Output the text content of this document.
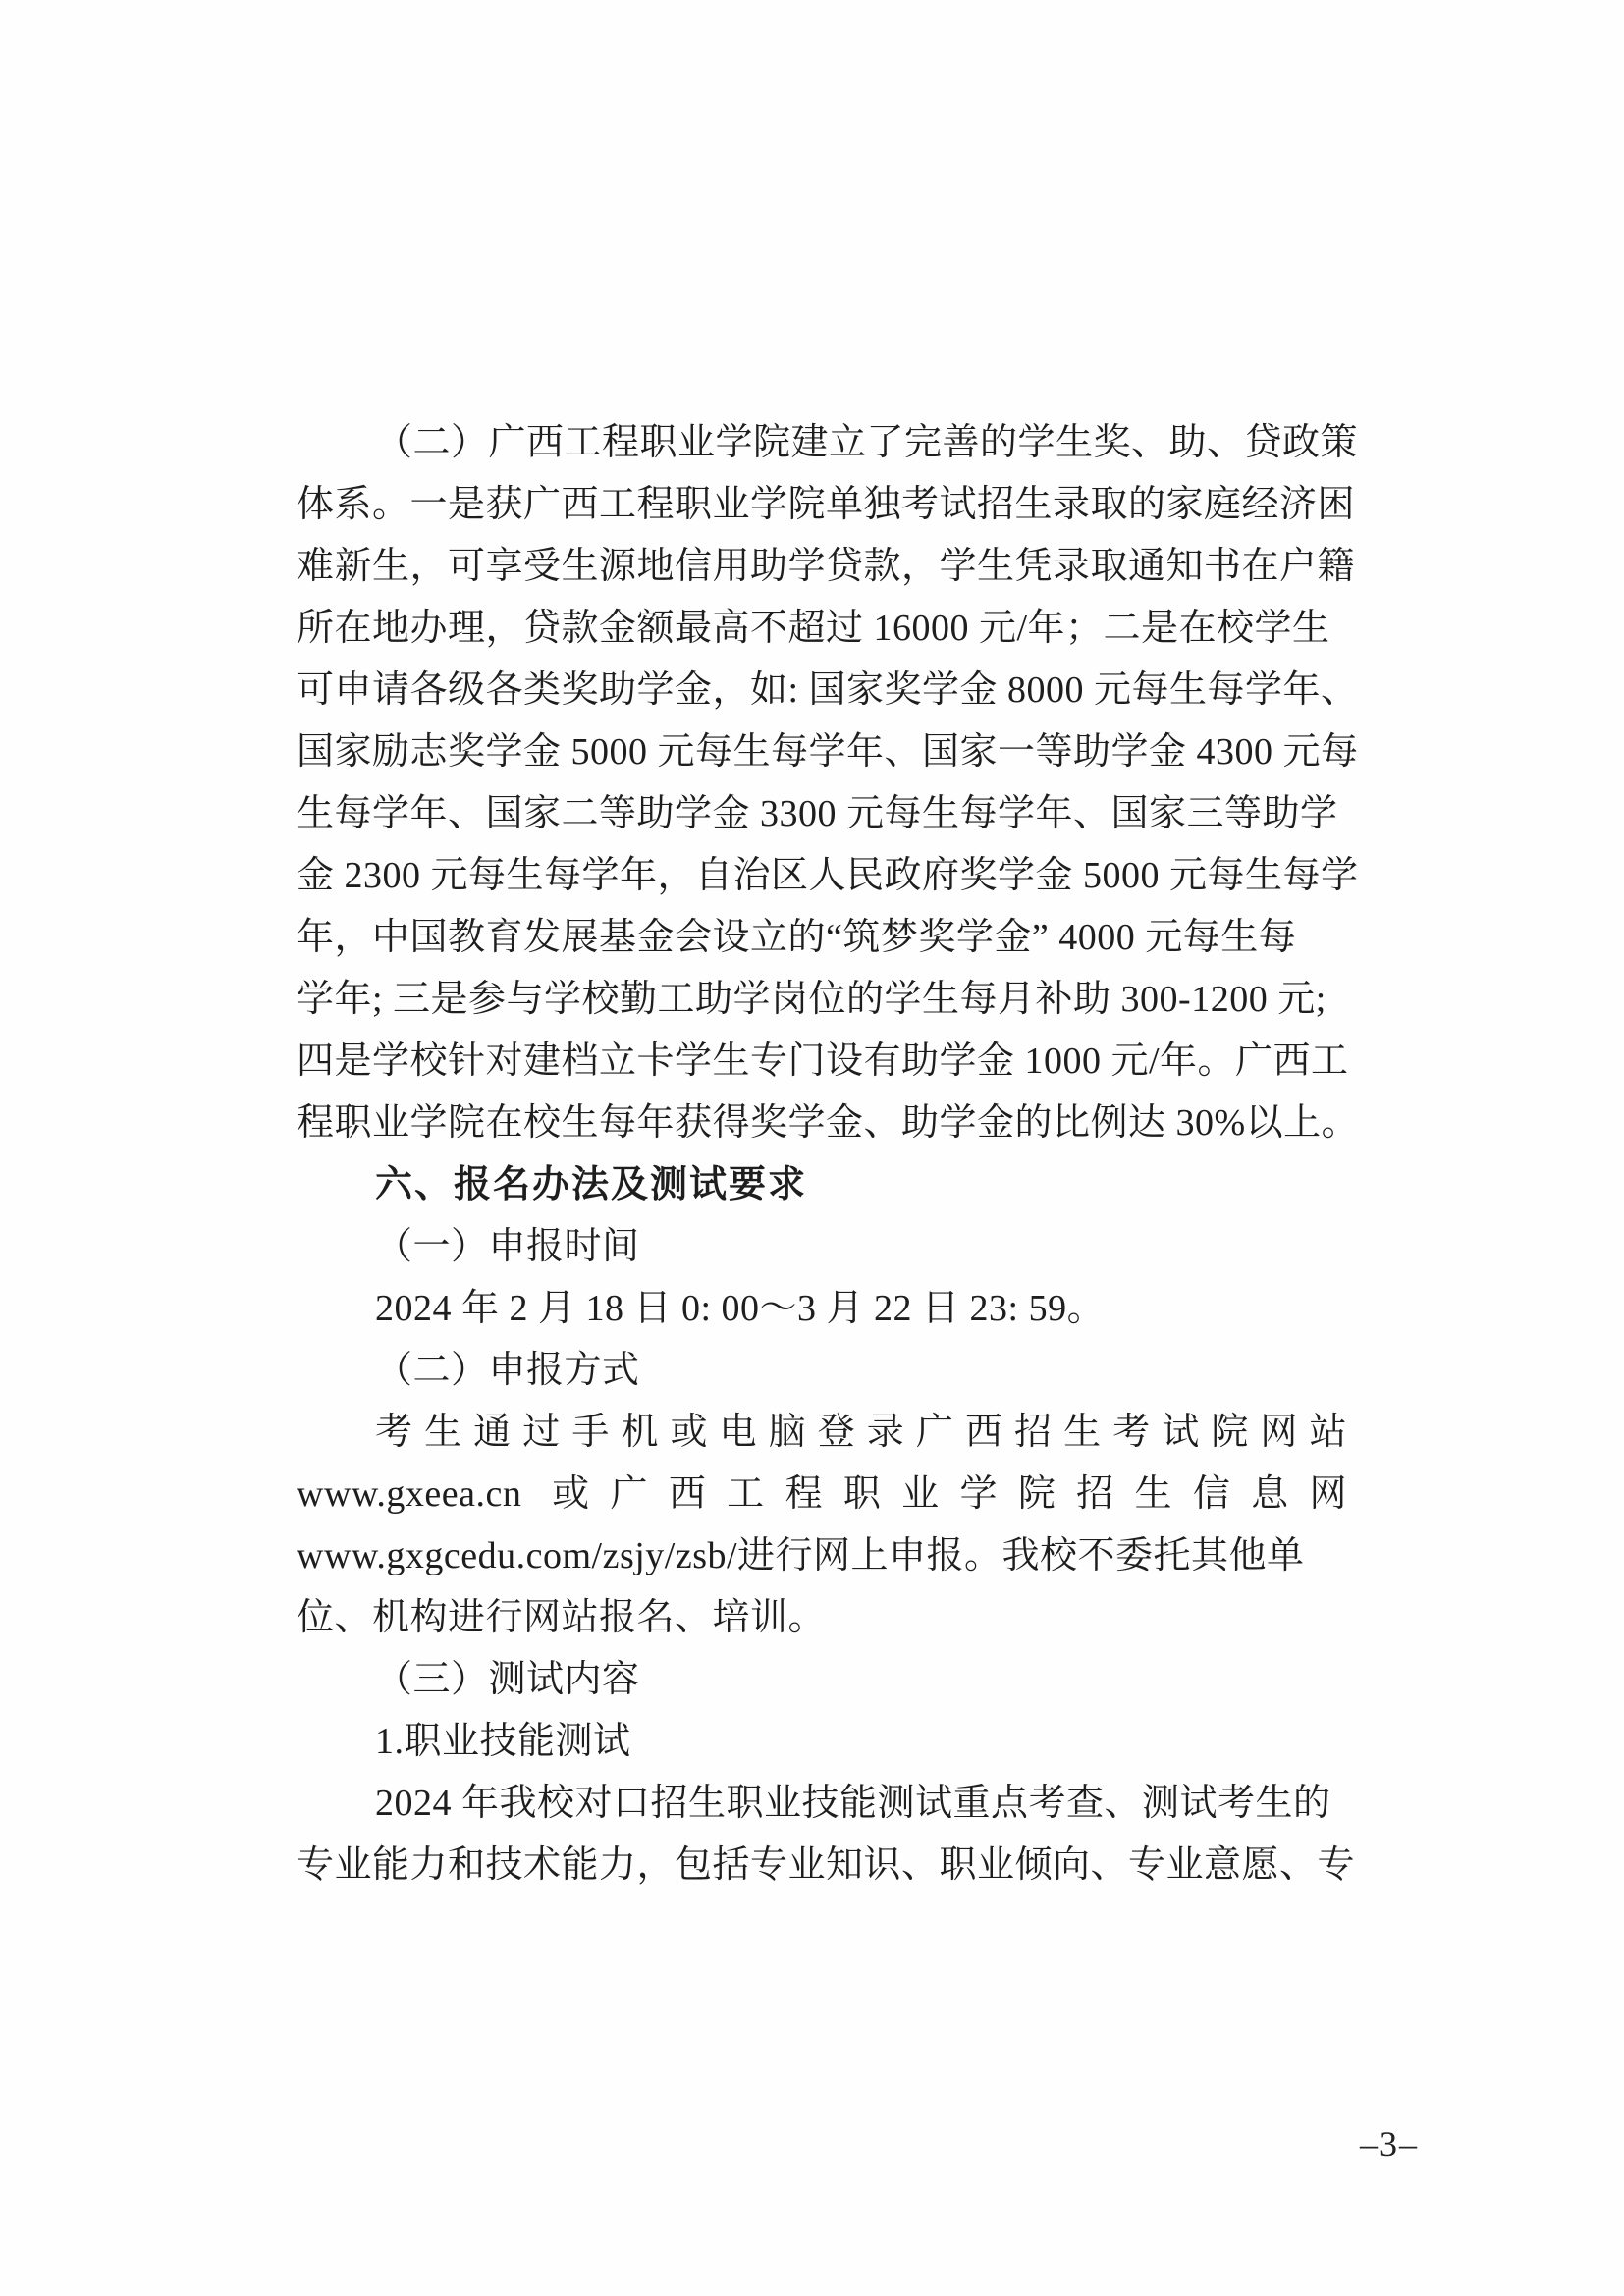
（二）广西工程职业学院建立了完善的学生奖、助、贷政策
体系。一是获广西工程职业学院单独考试招生录取的家庭经济困
难新生，可享受生源地信用助学贷款，学生凭录取通知书在户籍
所在地办理，贷款金额最高不超过 16000 元/年；二是在校学生
可申请各级各类奖助学金，如: 国家奖学金 8000 元每生每学年、
国家励志奖学金 5000 元每生每学年、国家一等助学金 4300 元每
生每学年、国家二等助学金 3300 元每生每学年、国家三等助学
金 2300 元每生每学年，自治区人民政府奖学金 5000 元每生每学
年，中国教育发展基金会设立的“筑梦奖学金” 4000 元每生每
学年; 三是参与学校勤工助学岗位的学生每月补助 300-1200 元;
四是学校针对建档立卡学生专门设有助学金 1000 元/年。广西工
程职业学院在校生每年获得奖学金、助学金的比例达 30%以上。
六、报名办法及测试要求
（一）申报时间
2024 年 2 月 18 日 0: 00～3 月 22 日 23: 59。
（二）申报方式
考生通过手机或电脑登录广西招生考试院网站
www.gxeea.cn 或广西工程职业学院招生信息网
www.gxgcedu.com/zsjy/zsb/进行网上申报。我校不委托其他单
位、机构进行网站报名、培训。
（三）测试内容
1.职业技能测试
2024 年我校对口招生职业技能测试重点考查、测试考生的
专业能力和技术能力，包括专业知识、职业倾向、专业意愿、专
–3–
